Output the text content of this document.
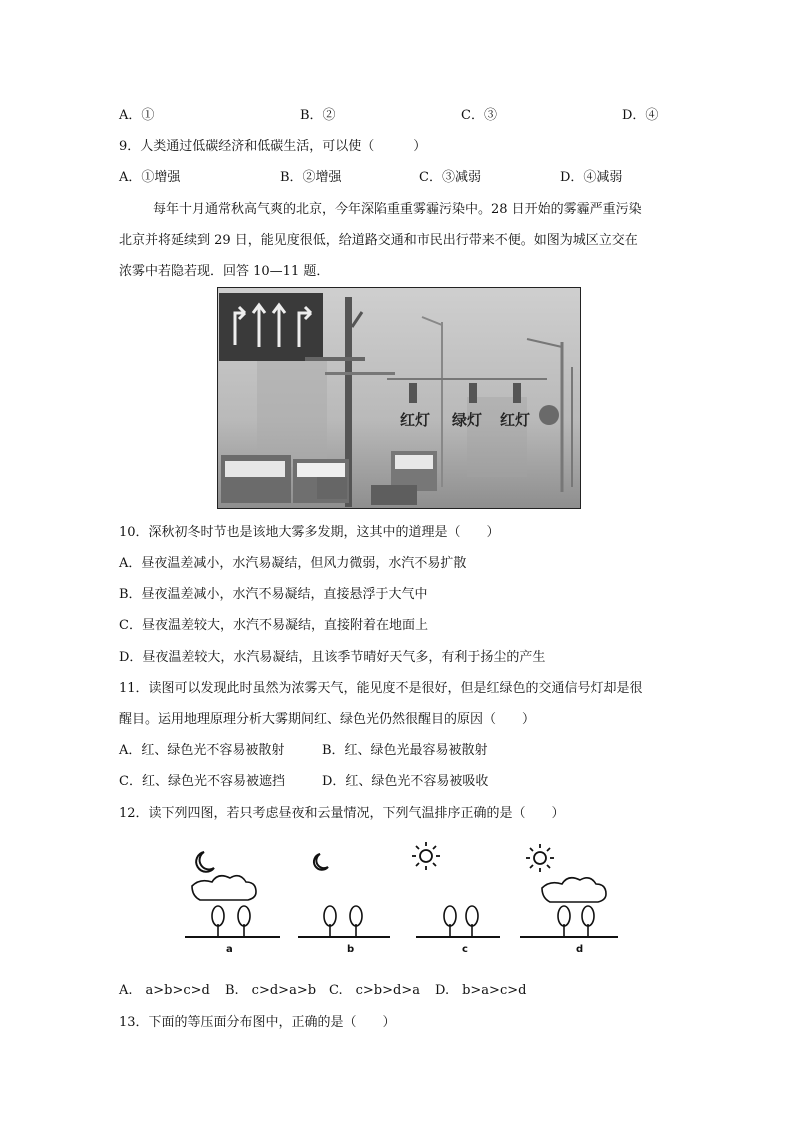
A．①	B．②	C．③	D．④
9．人类通过低碳经济和低碳生活，可以使（　　　）
A．①增强	B．②增强	C．③减弱	D．④减弱
每年十月通常秋高气爽的北京，今年深陷重重雾霾污染中。28 日开始的雾霾严重污染
北京并将延续到 29 日，能见度很低，给道路交通和市民出行带来不便。如图为城区立交在
浓雾中若隐若现．回答 10—11 题．
红灯 绿灯 红灯
10．深秋初冬时节也是该地大雾多发期，这其中的道理是（　　）
A．昼夜温差减小，水汽易凝结，但风力微弱，水汽不易扩散
B．昼夜温差减小，水汽不易凝结，直接悬浮于大气中
C．昼夜温差较大，水汽不易凝结，直接附着在地面上
D．昼夜温差较大，水汽易凝结，且该季节晴好天气多，有利于扬尘的产生
11．读图可以发现此时虽然为浓雾天气，能见度不是很好，但是红绿色的交通信号灯却是很
醒目。运用地理原理分析大雾期间红、绿色光仍然很醒目的原因（　　）
A．红、绿色光不容易被散射	B．红、绿色光最容易被散射
C．红、绿色光不容易被遮挡	D．红、绿色光不容易被吸收
12．读下列四图，若只考虑昼夜和云量情况，下列气温排序正确的是（　　）
a	b	c	d
A.　a>b>c>d B.　c>d>a>b C.　c>b>d>a D.　b>a>c>d
13．下面的等压面分布图中，正确的是（　　）
